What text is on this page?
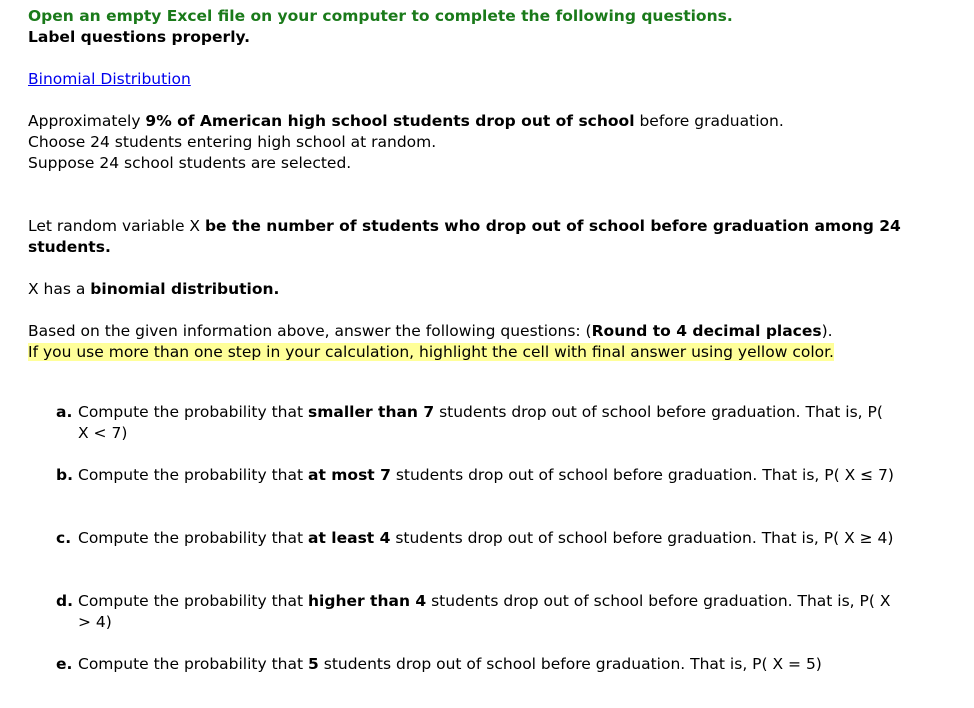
Open an empty Excel file on your computer to complete the following questions.
Label questions properly.
Binomial Distribution
Approximately 9% of American high school students drop out of school before graduation.
Choose 24 students entering high school at random.
Suppose 24 school students are selected.
Let random variable X be the number of students who drop out of school before graduation among 24 students.
X has a binomial distribution.
Based on the given information above, answer the following questions: (Round to 4 decimal places).
If you use more than one step in your calculation, highlight the cell with final answer using yellow color.
a. Compute the probability that smaller than 7 students drop out of school before graduation. That is, P( X < 7)
b. Compute the probability that at most 7 students drop out of school before graduation. That is, P( X ≤ 7)
c. Compute the probability that at least 4 students drop out of school before graduation. That is, P( X ≥ 4)
d. Compute the probability that higher than 4 students drop out of school before graduation. That is, P( X > 4)
e. Compute the probability that 5 students drop out of school before graduation. That is, P( X = 5)
